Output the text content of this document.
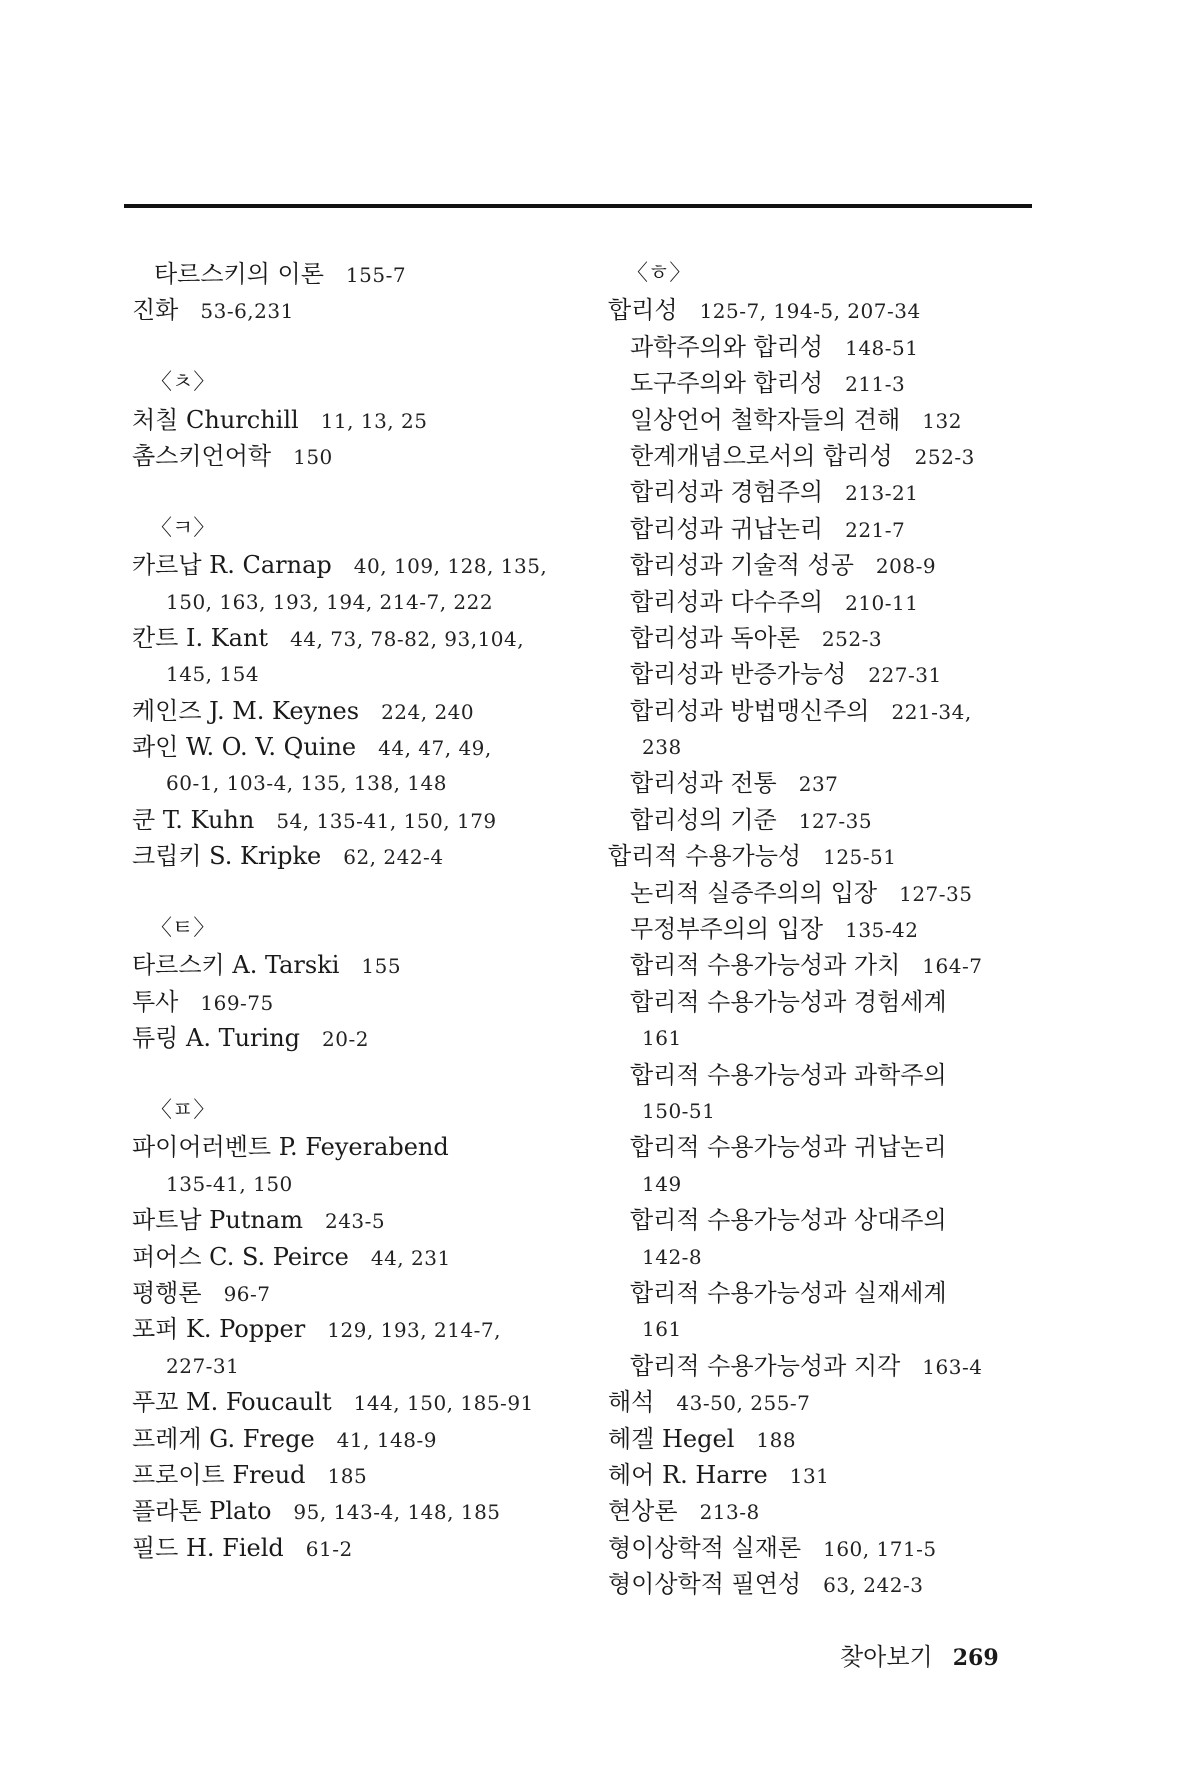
타르스키의 이론 155-7
진화 53-6,231
〈ㅊ〉
처칠 Churchill 11, 13, 25
촘스키언어학 150
〈ㅋ〉
카르납 R. Carnap 40, 109, 128, 135,
150, 163, 193, 194, 214-7, 222
칸트 I. Kant 44, 73, 78-82, 93,104,
145, 154
케인즈 J. M. Keynes 224, 240
콰인 W. O. V. Quine 44, 47, 49,
60-1, 103-4, 135, 138, 148
쿤 T. Kuhn 54, 135-41, 150, 179
크립키 S. Kripke 62, 242-4
〈ㅌ〉
타르스키 A. Tarski 155
투사 169-75
튜링 A. Turing 20-2
〈ㅍ〉
파이어러벤트 P. Feyerabend
135-41, 150
파트남 Putnam 243-5
퍼어스 C. S. Peirce 44, 231
평행론 96-7
포퍼 K. Popper 129, 193, 214-7,
227-31
푸꼬 M. Foucault 144, 150, 185-91
프레게 G. Frege 41, 148-9
프로이트 Freud 185
플라톤 Plato 95, 143-4, 148, 185
필드 H. Field 61-2
〈ㅎ〉
합리성 125-7, 194-5, 207-34
과학주의와 합리성 148-51
도구주의와 합리성 211-3
일상언어 철학자들의 견해 132
한계개념으로서의 합리성 252-3
합리성과 경험주의 213-21
합리성과 귀납논리 221-7
합리성과 기술적 성공 208-9
합리성과 다수주의 210-11
합리성과 독아론 252-3
합리성과 반증가능성 227-31
합리성과 방법맹신주의 221-34,
238
합리성과 전통 237
합리성의 기준 127-35
합리적 수용가능성 125-51
논리적 실증주의의 입장 127-35
무정부주의의 입장 135-42
합리적 수용가능성과 가치 164-7
합리적 수용가능성과 경험세계
161
합리적 수용가능성과 과학주의
150-51
합리적 수용가능성과 귀납논리
149
합리적 수용가능성과 상대주의
142-8
합리적 수용가능성과 실재세계
161
합리적 수용가능성과 지각 163-4
해석 43-50, 255-7
헤겔 Hegel 188
헤어 R. Harre 131
현상론 213-8
형이상학적 실재론 160, 171-5
형이상학적 필연성 63, 242-3
찾아보기 269
